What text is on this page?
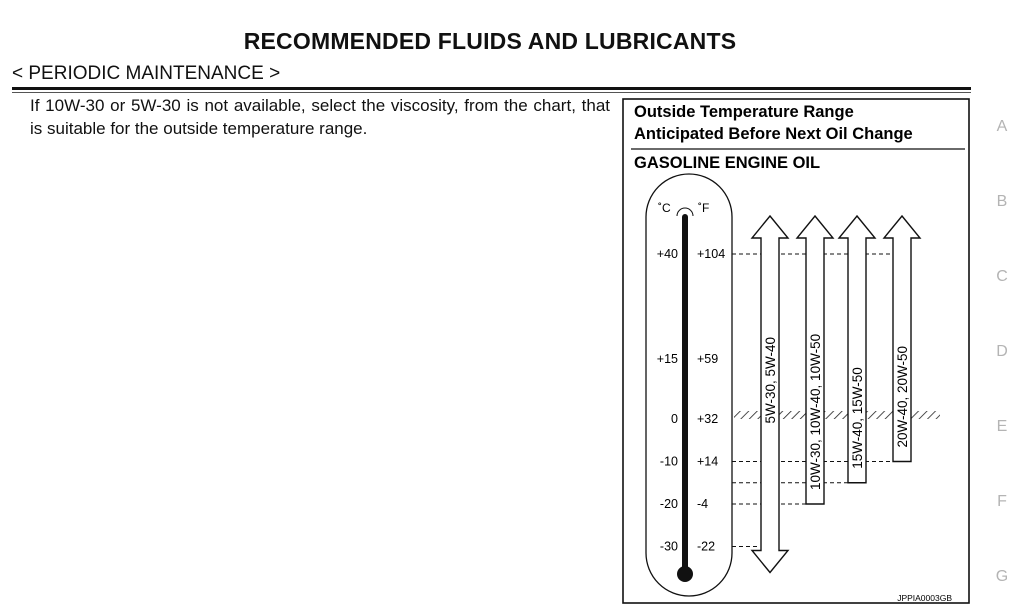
RECOMMENDED FLUIDS AND LUBRICANTS
< PERIODIC MAINTENANCE >
If 10W-30 or 5W-30 is not available, select the viscosity, from the chart, that is suitable for the outside temperature range.
Outside Temperature Range
Anticipated Before Next Oil Change
GASOLINE ENGINE OIL
˚C ˚F
+40 +104
+15 +59
0 +32
-10 +14
-20 -4
-30 -22
5W-30, 5W-40 10W-30, 10W-40, 10W-50 15W-40, 15W-50 20W-40, 20W-50
JPPIA0003GB
A
B
C
D
E
F
G
